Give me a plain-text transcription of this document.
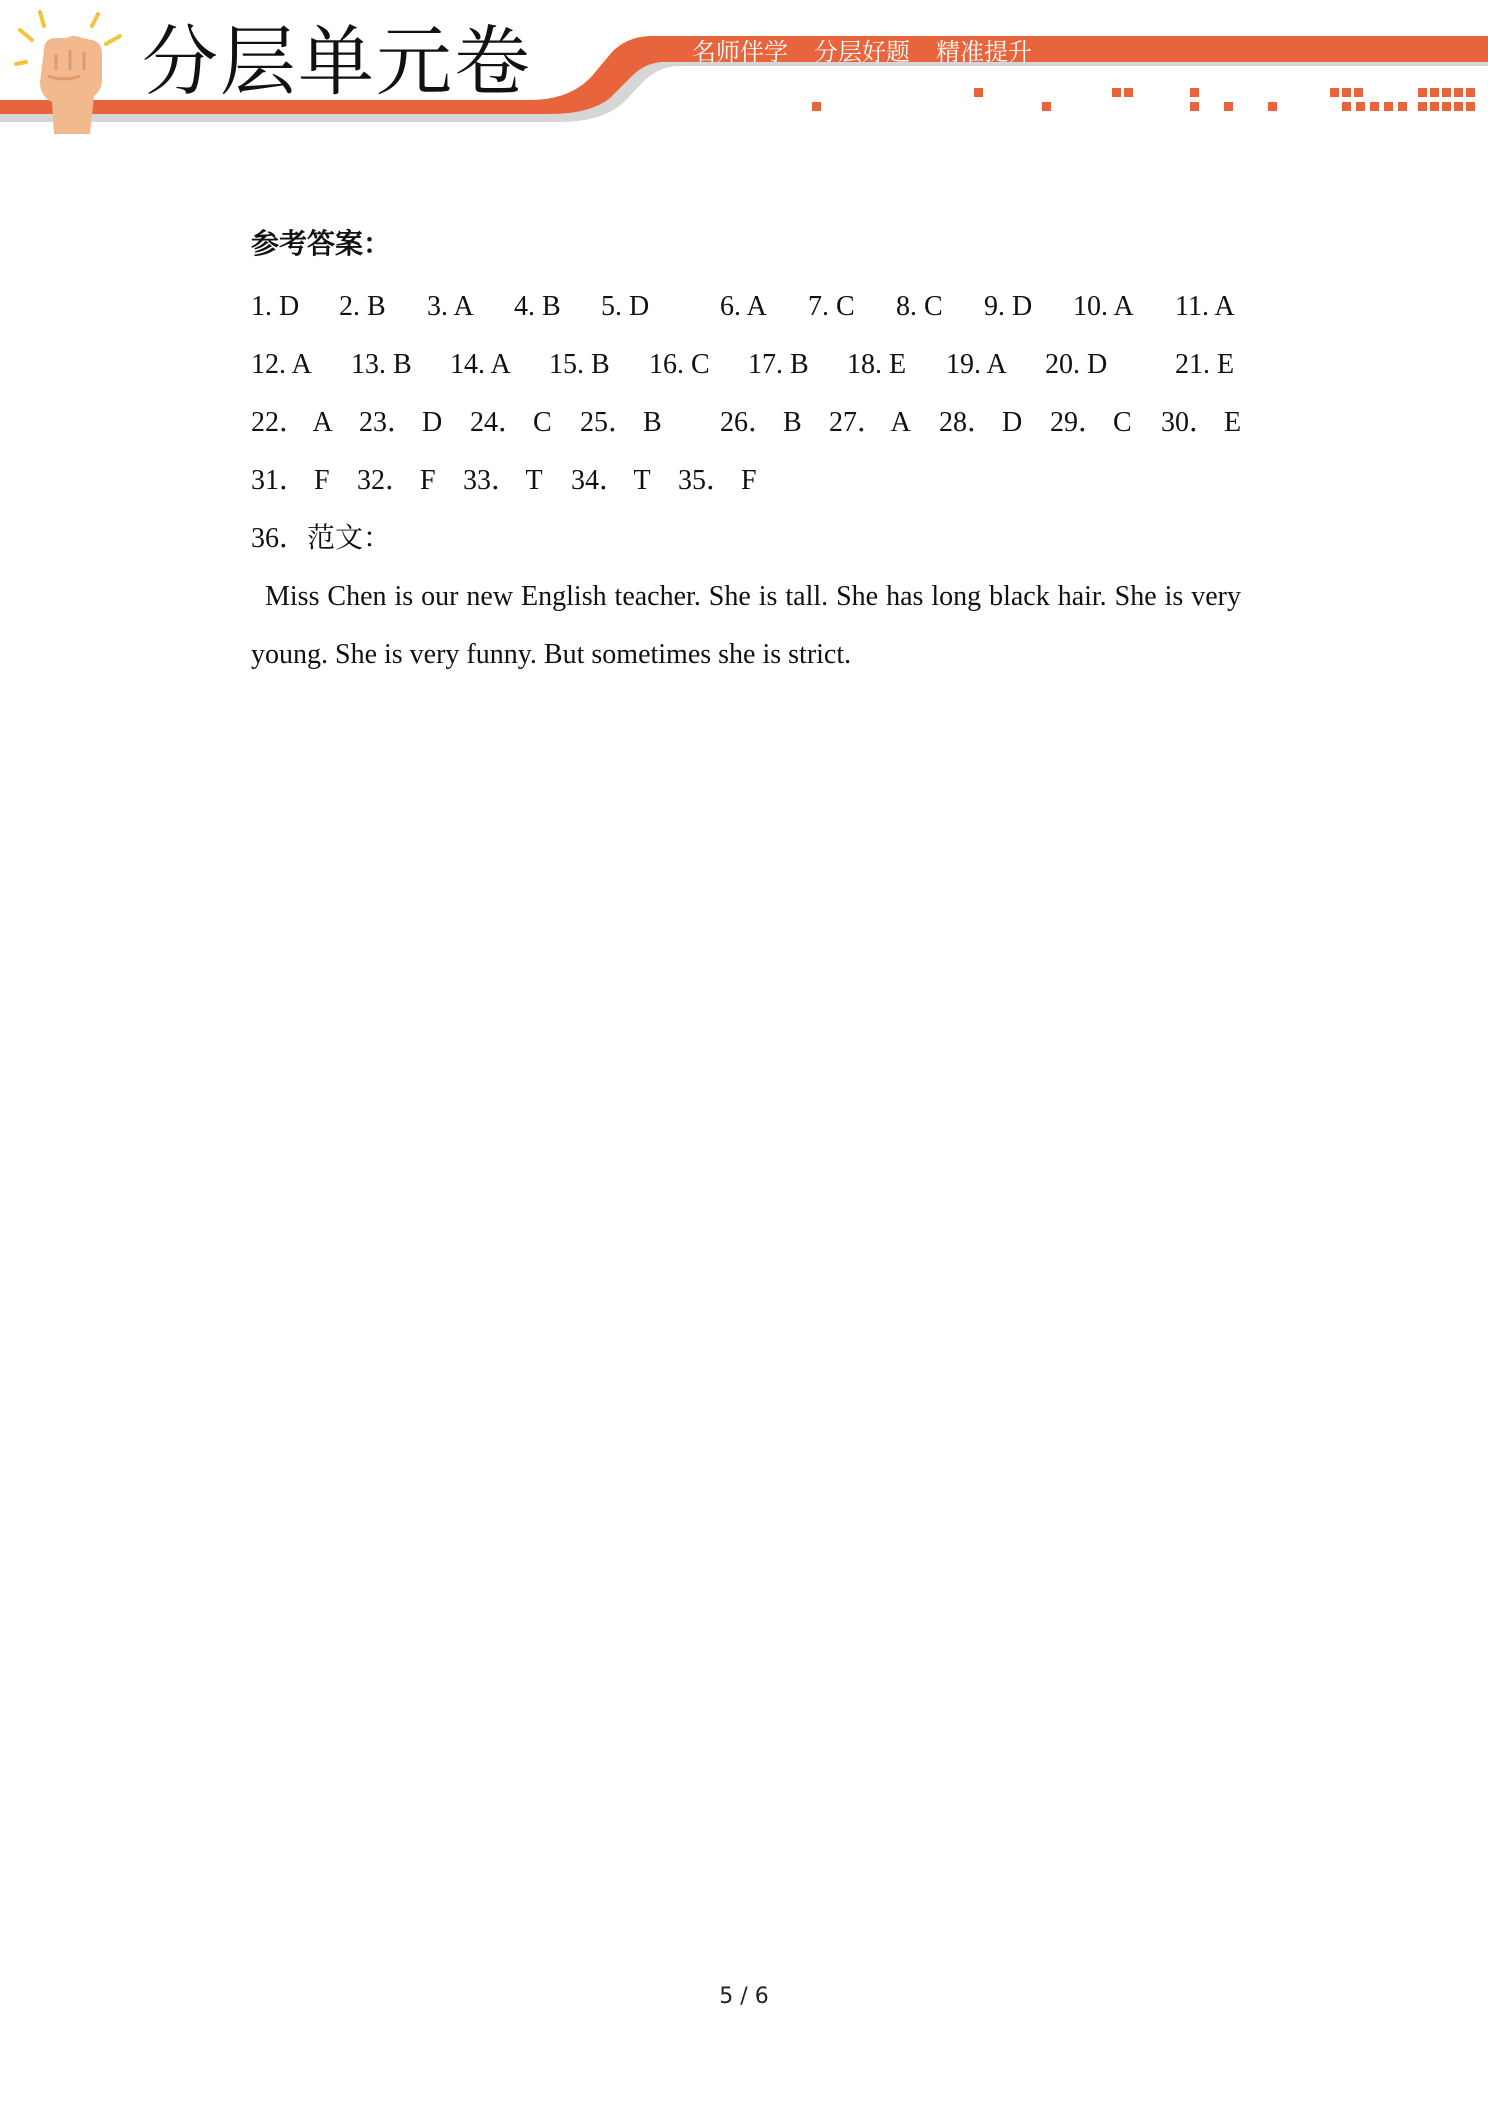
分层单元卷	名师伴学 分层好题 精准提升
参考答案：
1. D 2. B 3. A 4. B 5. D	6. A 7. C 8. C 9. D 10. A 11. A
12. A 13. B 14. A 15. B 16. C 17. B 18. E 19. A 20. D 21. E
22． A 23． D 24． C 25． B 26． B 27． A 28． D 29． C 30． E
31． F 32． F 33． T 34． T 35． F
36．范文：
Miss Chen is our new English teacher. She is tall. She has long black hair. She is very young. She is very funny. But sometimes she is strict.
5 / 6
